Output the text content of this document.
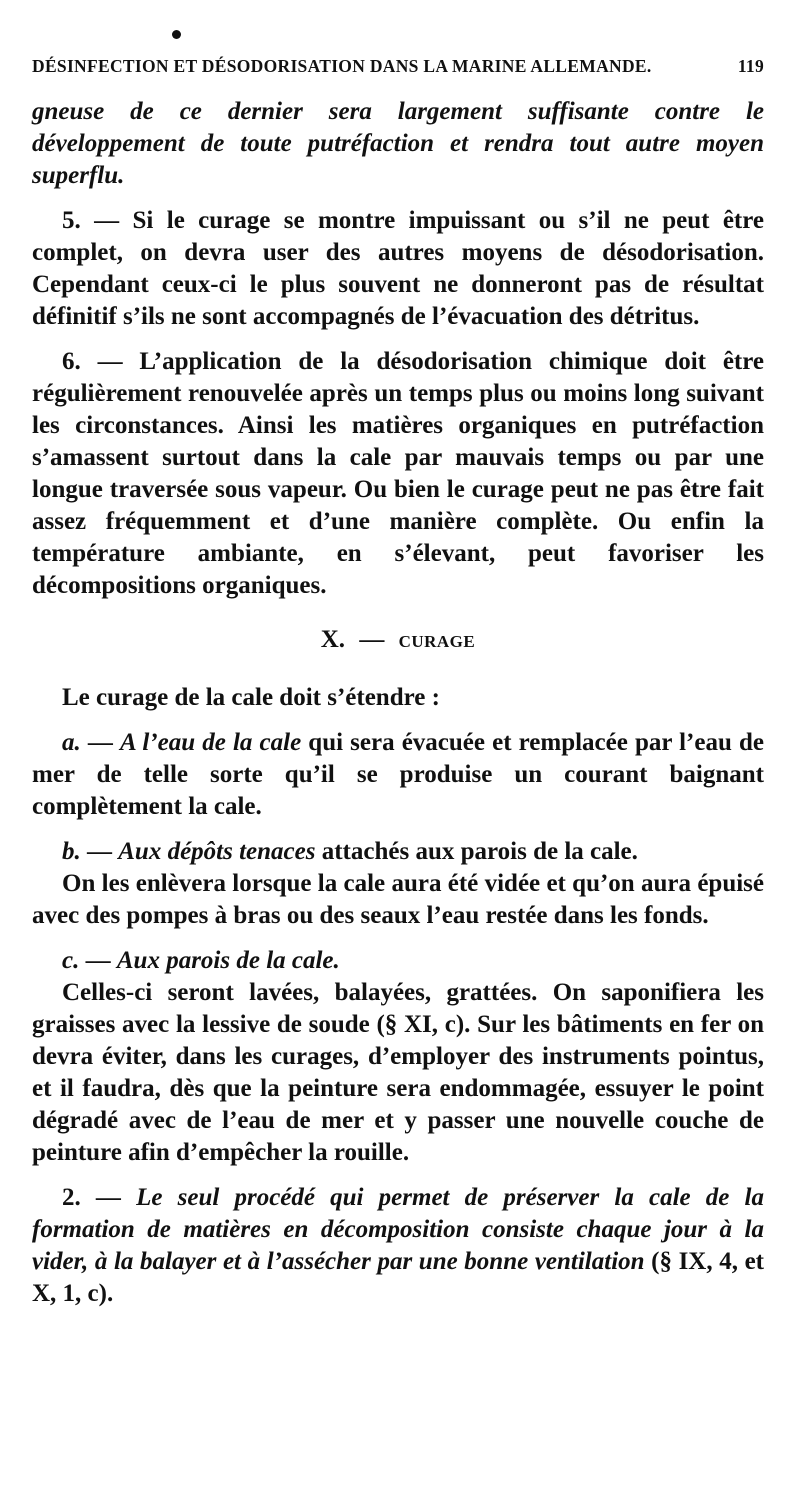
DÉSINFECTION ET DÉSODORISATION DANS LA MARINE ALLEMANDE.	119

gneuse de ce dernier sera largement suffisante contre le développement de toute putréfaction et rendra tout autre moyen superflu.

5. — Si le curage se montre impuissant ou s’il ne peut être complet, on devra user des autres moyens de désodorisation. Cependant ceux-ci le plus souvent ne donneront pas de résultat définitif s’ils ne sont accompagnés de l’évacuation des détritus.

6. — L’application de la désodorisation chimique doit être régulièrement renouvelée après un temps plus ou moins long suivant les circonstances. Ainsi les matières organiques en putréfaction s’amassent surtout dans la cale par mauvais temps ou par une longue traversée sous vapeur. Ou bien le curage peut ne pas être fait assez fréquemment et d’une manière complète. Ou enfin la température ambiante, en s’élevant, peut favoriser les décompositions organiques.

X. — CURAGE

Le curage de la cale doit s’étendre :

a. — A l’eau de la cale qui sera évacuée et remplacée par l’eau de mer de telle sorte qu’il se produise un courant baignant complètement la cale.

b. — Aux dépôts tenaces attachés aux parois de la cale.

On les enlèvera lorsque la cale aura été vidée et qu’on aura épuisé avec des pompes à bras ou des seaux l’eau restée dans les fonds.

c. — Aux parois de la cale.

Celles-ci seront lavées, balayées, grattées. On saponifiera les graisses avec la lessive de soude (§ XI, c). Sur les bâtiments en fer on devra éviter, dans les curages, d’employer des instruments pointus, et il faudra, dès que la peinture sera endommagée, essuyer le point dégradé avec de l’eau de mer et y passer une nouvelle couche de peinture afin d’empêcher la rouille.

2. — Le seul procédé qui permet de préserver la cale de la formation de matières en décomposition consiste chaque jour à la vider, à la balayer et à l’assécher par une bonne ventilation (§ IX, 4, et X, 1, c).
